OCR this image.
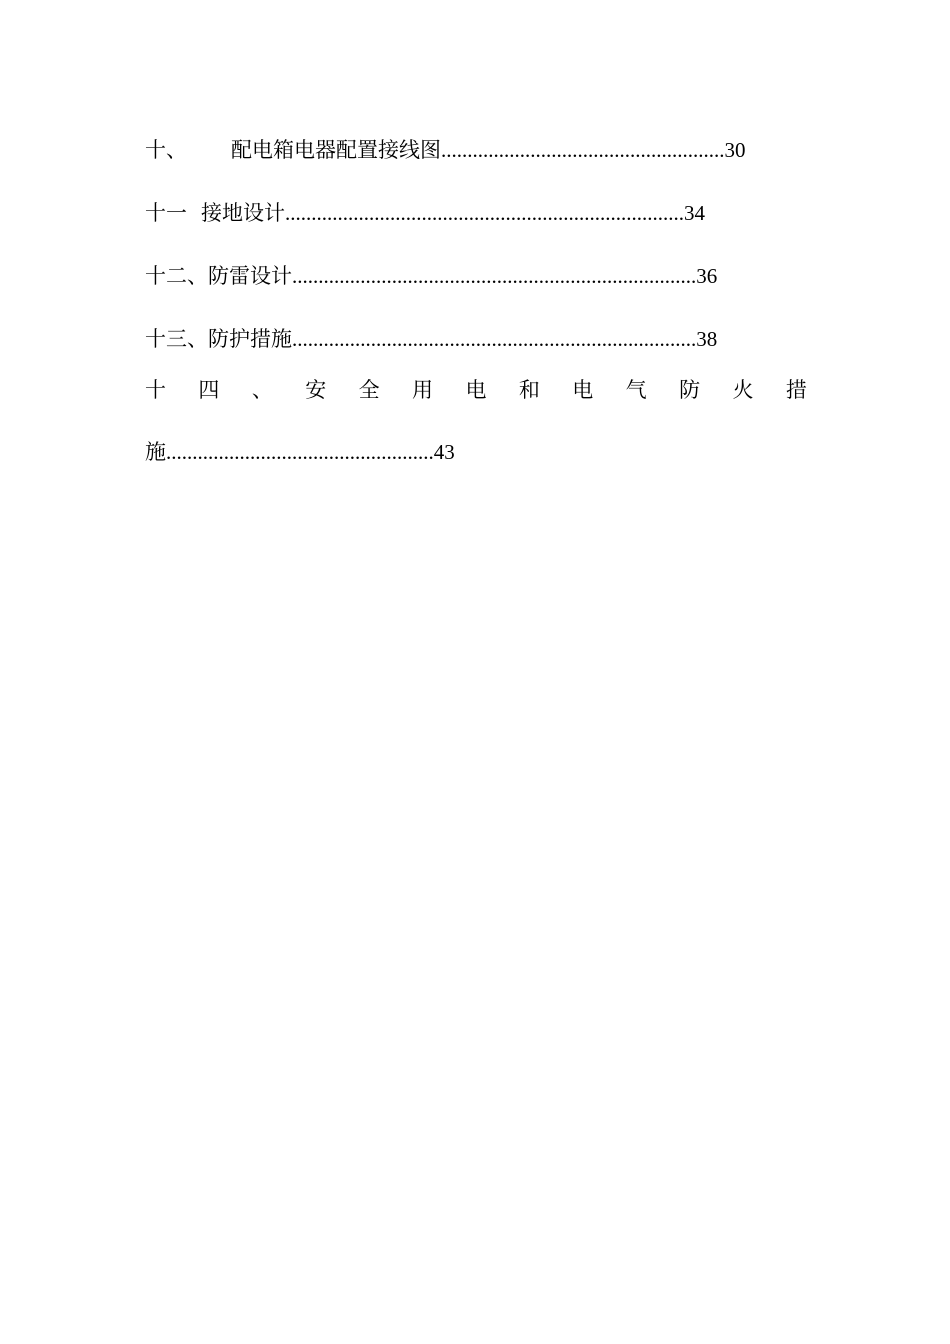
十、 配电箱电器配置接线图......................................................30
十一 接地设计............................................................................34
十二、防雷设计.............................................................................36
十三、防护措施.............................................................................38
十 四 、 安 全 用 电 和 电 气 防 火 措
施...................................................43
